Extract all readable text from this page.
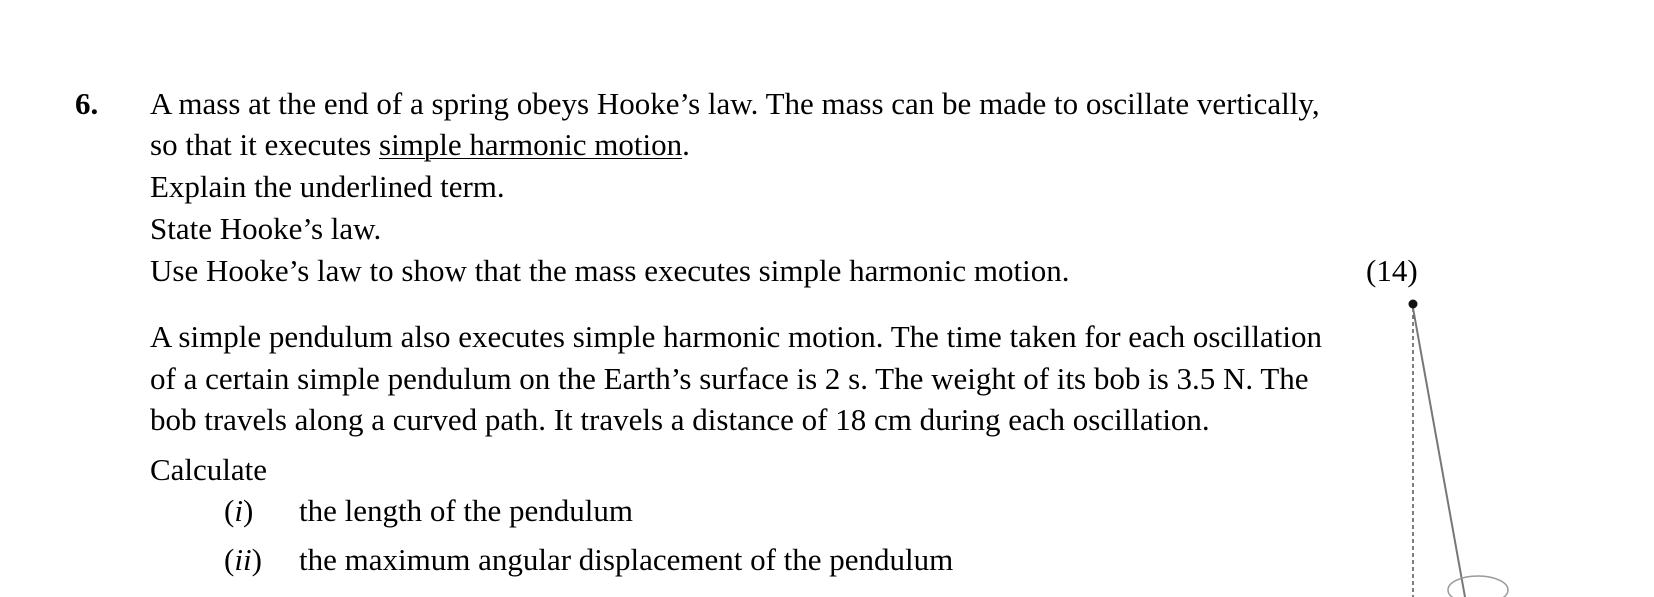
6. A mass at the end of a spring obeys Hooke’s law. The mass can be made to oscillate vertically,
so that it executes simple harmonic motion.
Explain the underlined term.
State Hooke’s law.
Use Hooke’s law to show that the mass executes simple harmonic motion.	(14)
A simple pendulum also executes simple harmonic motion. The time taken for each oscillation
of a certain simple pendulum on the Earth’s surface is 2 s. The weight of its bob is 3.5 N. The
bob travels along a curved path. It travels a distance of 18 cm during each oscillation.
Calculate
(i) the length of the pendulum
(ii) the maximum angular displacement of the pendulum
